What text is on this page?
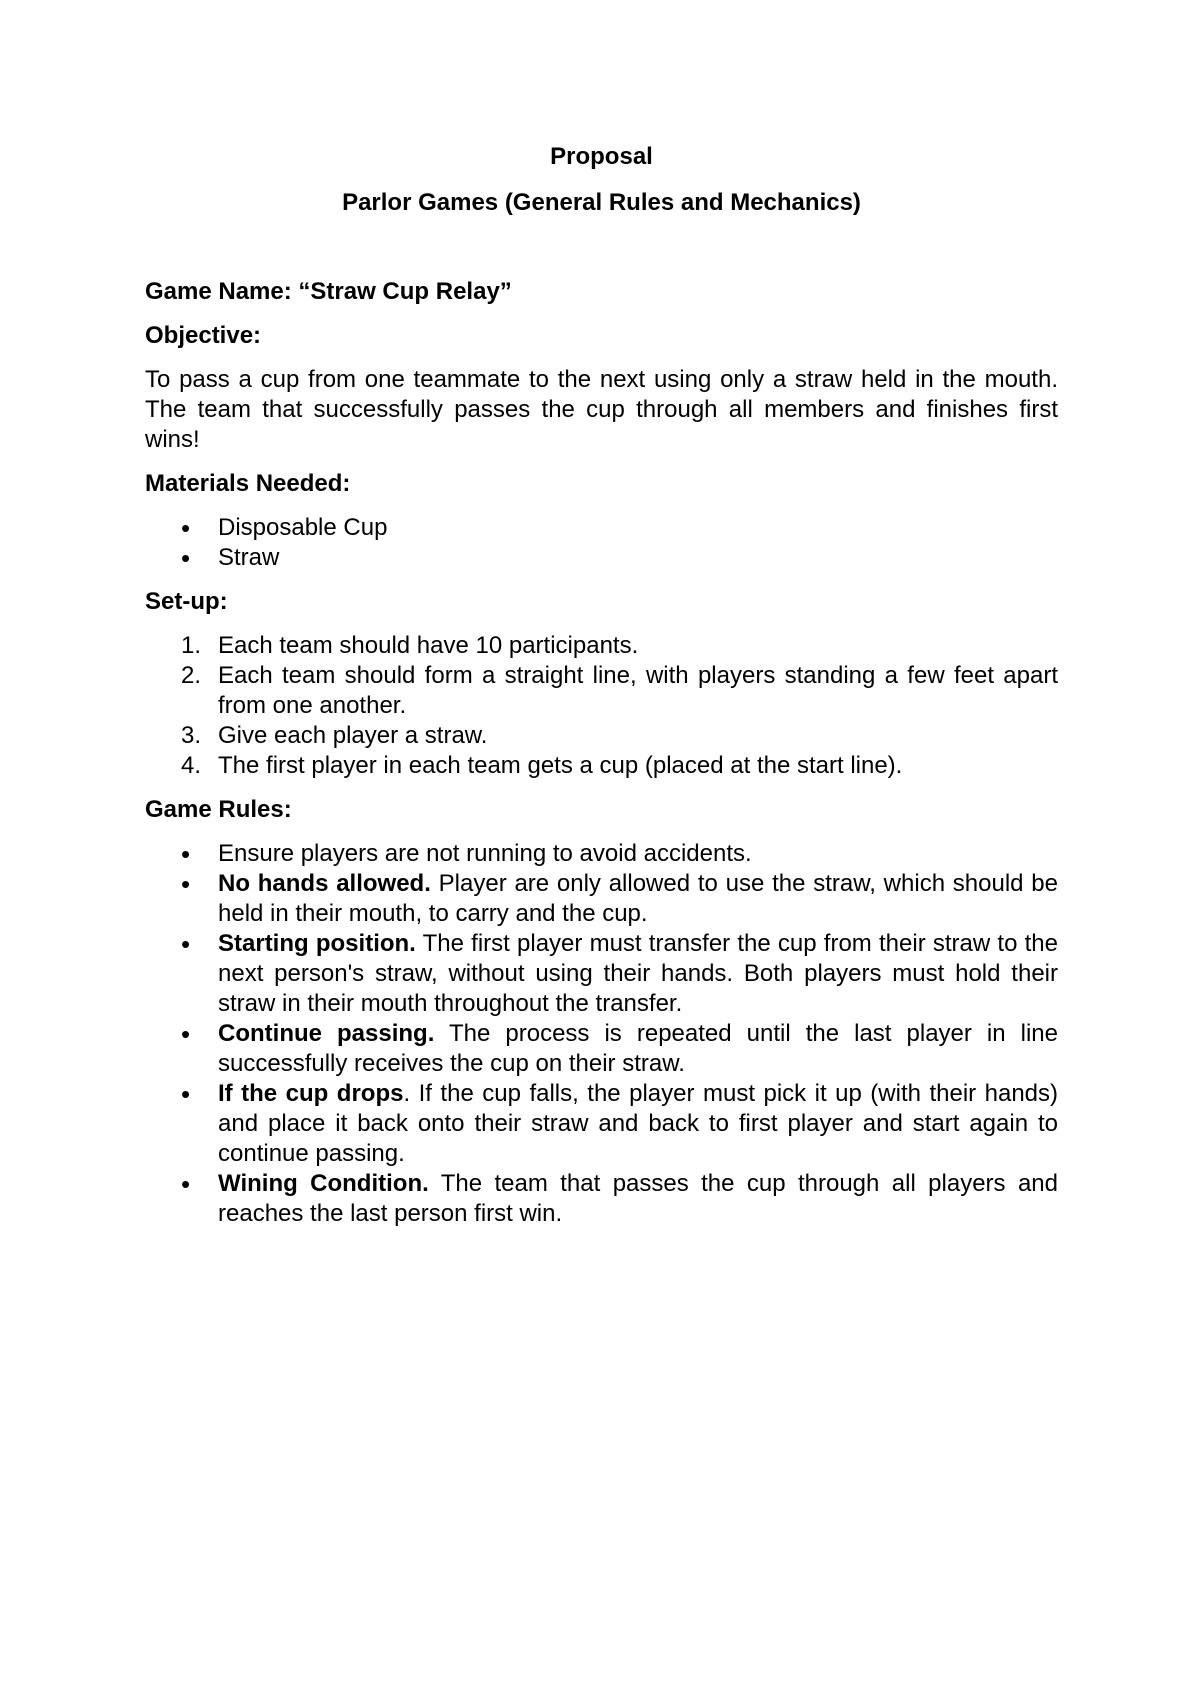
Proposal
Parlor Games (General Rules and Mechanics)
Game Name: “Straw Cup Relay”
Objective:
To pass a cup from one teammate to the next using only a straw held in the mouth. The team that successfully passes the cup through all members and finishes first wins!
Materials Needed:
• Disposable Cup
• Straw
Set-up:
1. Each team should have 10 participants.
2. Each team should form a straight line, with players standing a few feet apart from one another.
3. Give each player a straw.
4. The first player in each team gets a cup (placed at the start line).
Game Rules:
• Ensure players are not running to avoid accidents.
• No hands allowed. Player are only allowed to use the straw, which should be held in their mouth, to carry and the cup.
• Starting position. The first player must transfer the cup from their straw to the next person's straw, without using their hands. Both players must hold their straw in their mouth throughout the transfer.
• Continue passing. The process is repeated until the last player in line successfully receives the cup on their straw.
• If the cup drops. If the cup falls, the player must pick it up (with their hands) and place it back onto their straw and back to first player and start again to continue passing.
• Wining Condition. The team that passes the cup through all players and reaches the last person first win.
